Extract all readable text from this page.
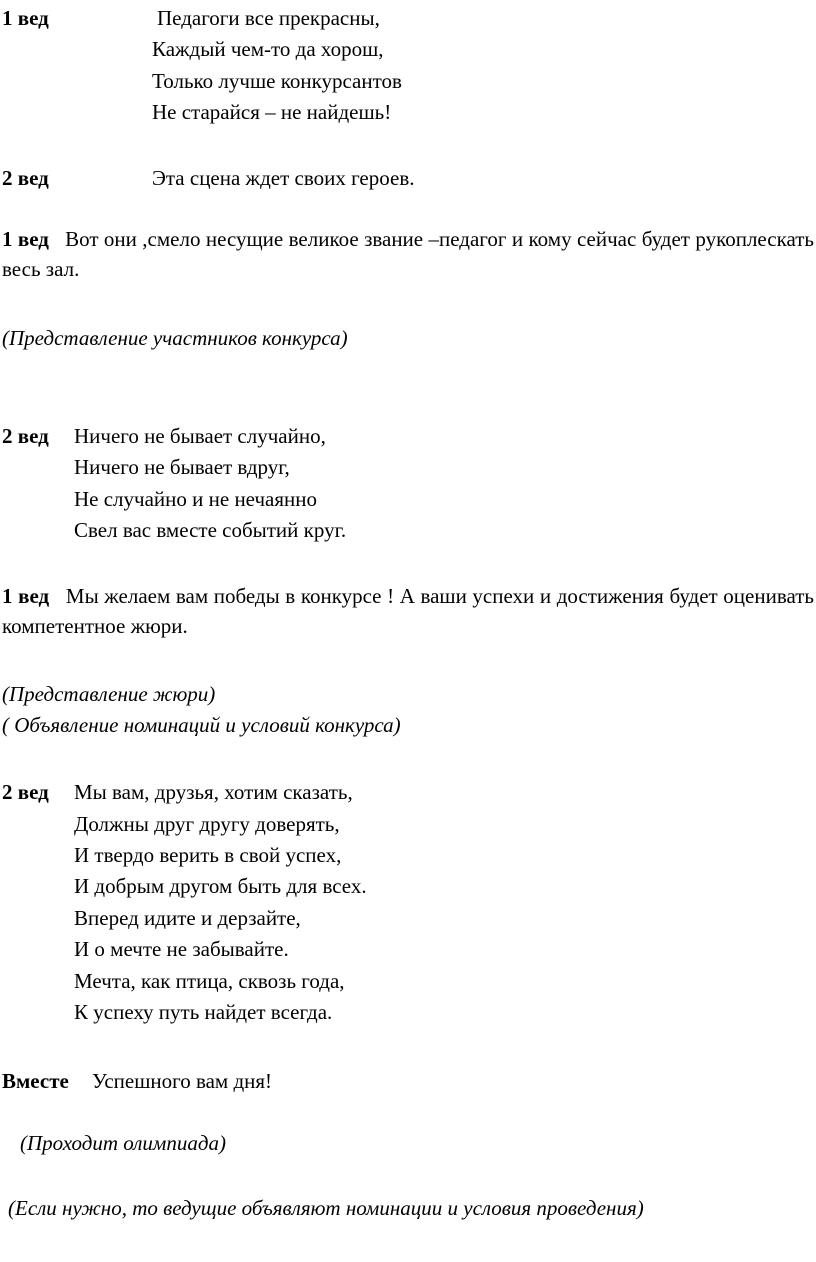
1 вед	Педагоги все прекрасны,
Каждый чем-то да хорош,
Только лучше конкурсантов
Не старайся – не найдешь!
2 вед	Эта сцена ждет своих героев.

1 вед Вот они ,смело несущие великое звание –педагог и кому сейчас будет рукоплескать весь зал.

(Представление участников конкурса)
2 вед Ничего не бывает случайно,
Ничего не бывает вдруг,
Не случайно и не нечаянно
Свел вас вместе событий круг.

1 вед Мы желаем вам победы в конкурсе ! А ваши успехи и достижения будет оценивать компетентное жюри.

(Представление жюри)
( Объявление номинаций и условий конкурса)
2 вед Мы вам, друзья, хотим сказать,
Должны друг другу доверять,
И твердо верить в свой успех,
И добрым другом быть для всех.
Вперед идите и дерзайте,
И о мечте не забывайте.
Мечта, как птица, сквозь года,
К успеху путь найдет всегда.
Вместе Успешного вам дня!
(Проходит олимпиада)
(Если нужно, то ведущие объявляют номинации и условия проведения)
